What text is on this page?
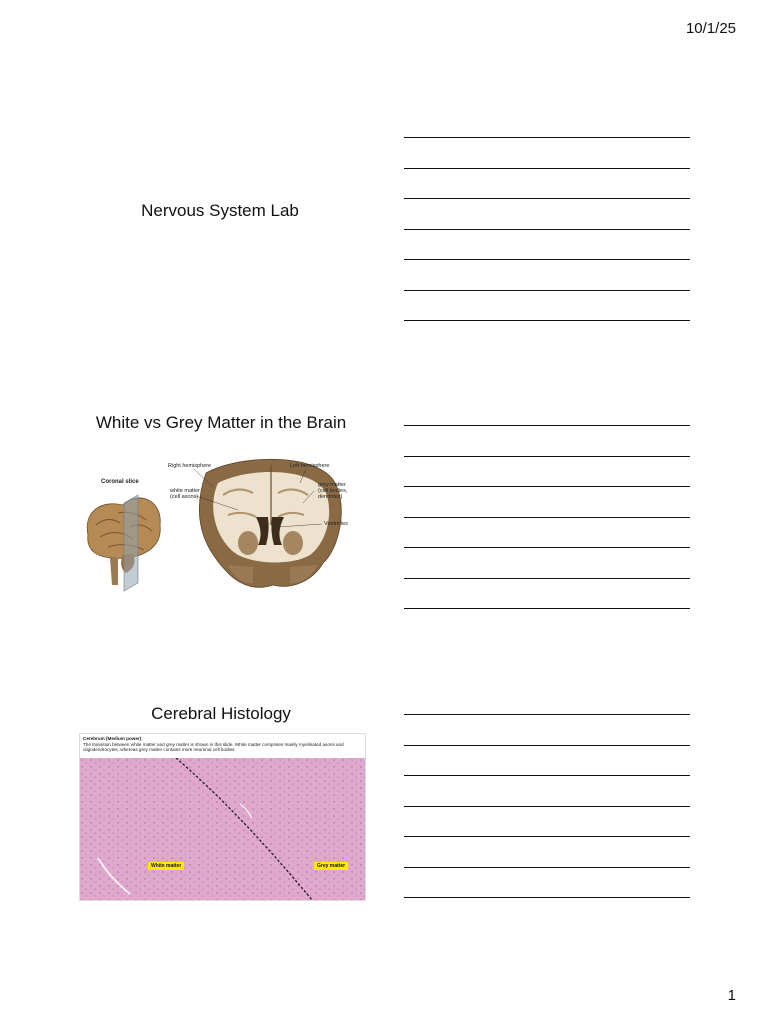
10/1/25
Nervous System Lab
White vs Grey Matter in the Brain
Coronal slice
Right hemisphere	Left hemisphere
white matter
(cell axons)
grey matter
(cell bodies,
dendrites)
Ventricles
Cerebral Histology
Cerebrum (Medium power):
The transition between white matter and grey matter is shown in this slide. White matter comprises mainly myelinated axons and oligodendrocytes, whereas grey matter contains more neuronal cell bodies.
White matter	Grey matter
1
